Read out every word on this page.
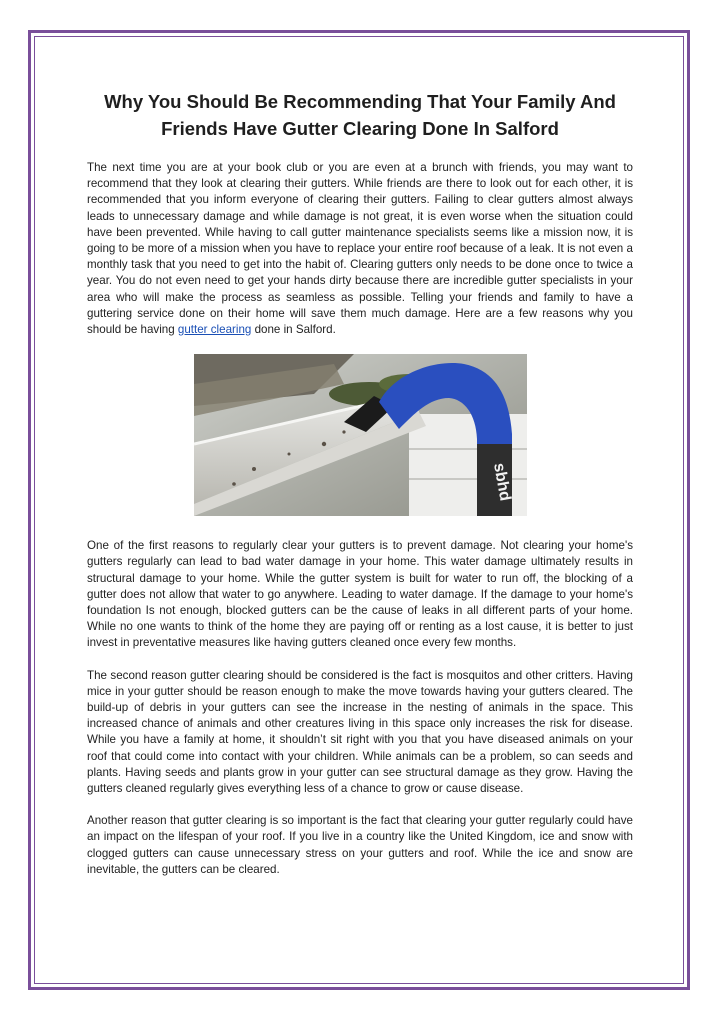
Why You Should Be Recommending That Your Family And Friends Have Gutter Clearing Done In Salford

The next time you are at your book club or you are even at a brunch with friends, you may want to recommend that they look at clearing their gutters. While friends are there to look out for each other, it is recommended that you inform everyone of clearing their gutters. Failing to clear gutters almost always leads to unnecessary damage and while damage is not great, it is even worse when the situation could have been prevented. While having to call gutter maintenance specialists seems like a mission now, it is going to be more of a mission when you have to replace your entire roof because of a leak. It is not even a monthly task that you need to get into the habit of. Clearing gutters only needs to be done once to twice a year. You do not even need to get your hands dirty because there are incredible gutter specialists in your area who will make the process as seamless as possible. Telling your friends and family to have a guttering service done on their home will save them much damage. Here are a few reasons why you should be having gutter clearing done in Salford.

sbhd

One of the first reasons to regularly clear your gutters is to prevent damage. Not clearing your home's gutters regularly can lead to bad water damage in your home. This water damage ultimately results in structural damage to your home. While the gutter system is built for water to run off, the blocking of a gutter does not allow that water to go anywhere. Leading to water damage. If the damage to your home's foundation Is not enough, blocked gutters can be the cause of leaks in all different parts of your home. While no one wants to think of the home they are paying off or renting as a lost cause, it is better to just invest in preventative measures like having gutters cleaned once every few months.

The second reason gutter clearing should be considered is the fact is mosquitos and other critters. Having mice in your gutter should be reason enough to make the move towards having your gutters cleared. The build-up of debris in your gutters can see the increase in the nesting of animals in the space. This increased chance of animals and other creatures living in this space only increases the risk for disease. While you have a family at home, it shouldn’t sit right with you that you have diseased animals on your roof that could come into contact with your children. While animals can be a problem, so can seeds and plants. Having seeds and plants grow in your gutter can see structural damage as they grow. Having the gutters cleaned regularly gives everything less of a chance to grow or cause disease.

Another reason that gutter clearing is so important is the fact that clearing your gutter regularly could have an impact on the lifespan of your roof. If you live in a country like the United Kingdom, ice and snow with clogged gutters can cause unnecessary stress on your gutters and roof. While the ice and snow are inevitable, the gutters can be cleared.
